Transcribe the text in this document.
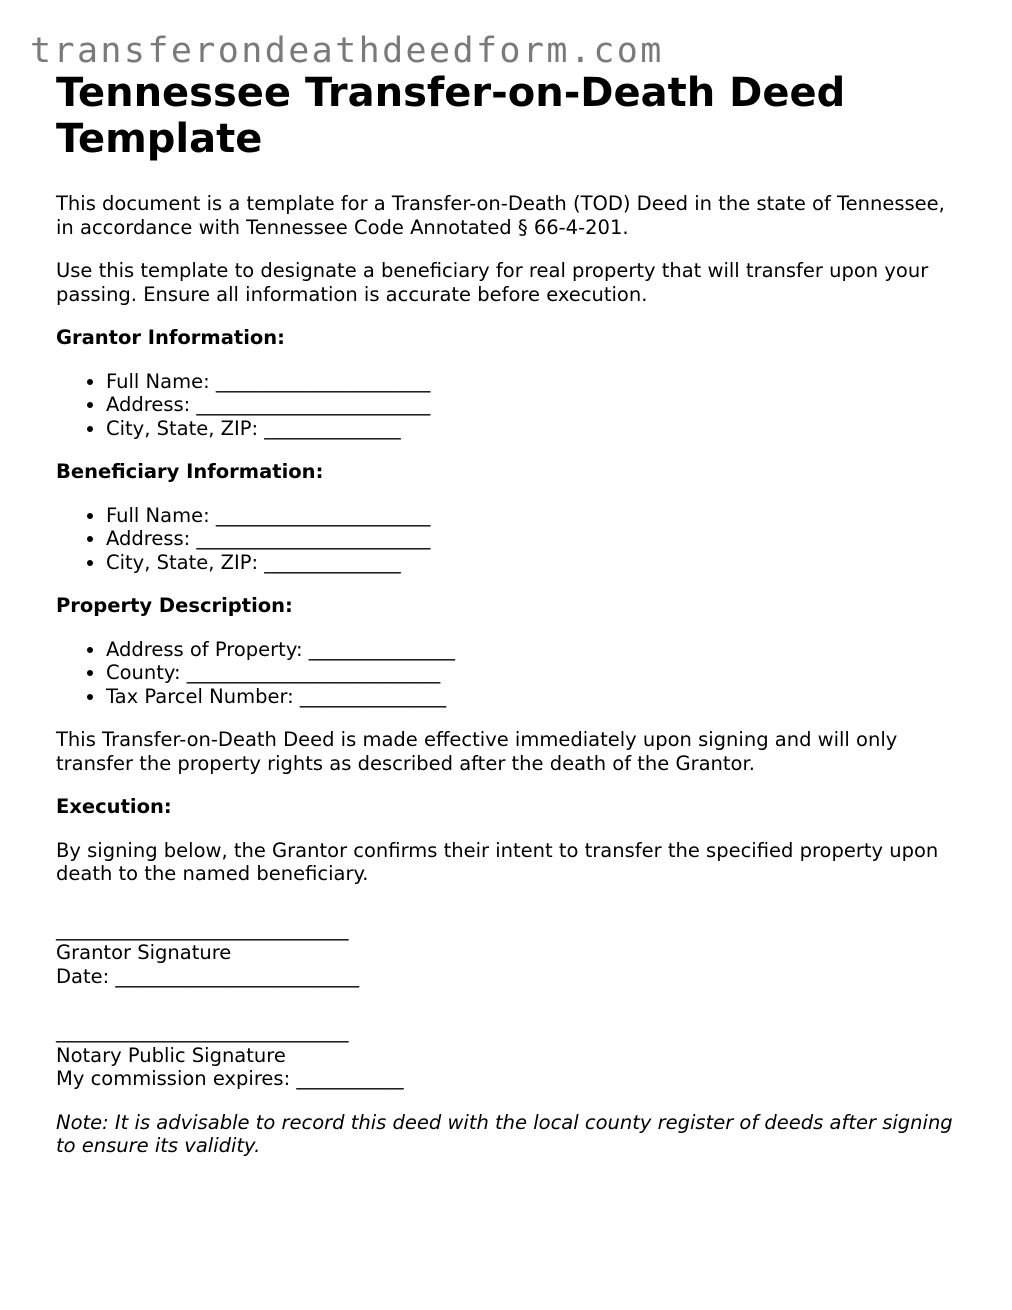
transferondeathdeedform.com
Tennessee Transfer-on-Death Deed Template

This document is a template for a Transfer-on-Death (TOD) Deed in the state of Tennessee, in accordance with Tennessee Code Annotated § 66-4-201.

Use this template to designate a beneficiary for real property that will transfer upon your passing. Ensure all information is accurate before execution.

Grantor Information:

• Full Name: ______________________
• Address: ________________________
• City, State, ZIP: ______________

Beneficiary Information:

• Full Name: ______________________
• Address: ________________________
• City, State, ZIP: ______________

Property Description:

• Address of Property: _______________
• County: __________________________
• Tax Parcel Number: _______________

This Transfer-on-Death Deed is made effective immediately upon signing and will only transfer the property rights as described after the death of the Grantor.

Execution:

By signing below, the Grantor confirms their intent to transfer the specified property upon death to the named beneficiary.

______________________________
Grantor Signature
Date: _________________________
______________________________
Notary Public Signature
My commission expires: ___________

Note: It is advisable to record this deed with the local county register of deeds after signing to ensure its validity.
